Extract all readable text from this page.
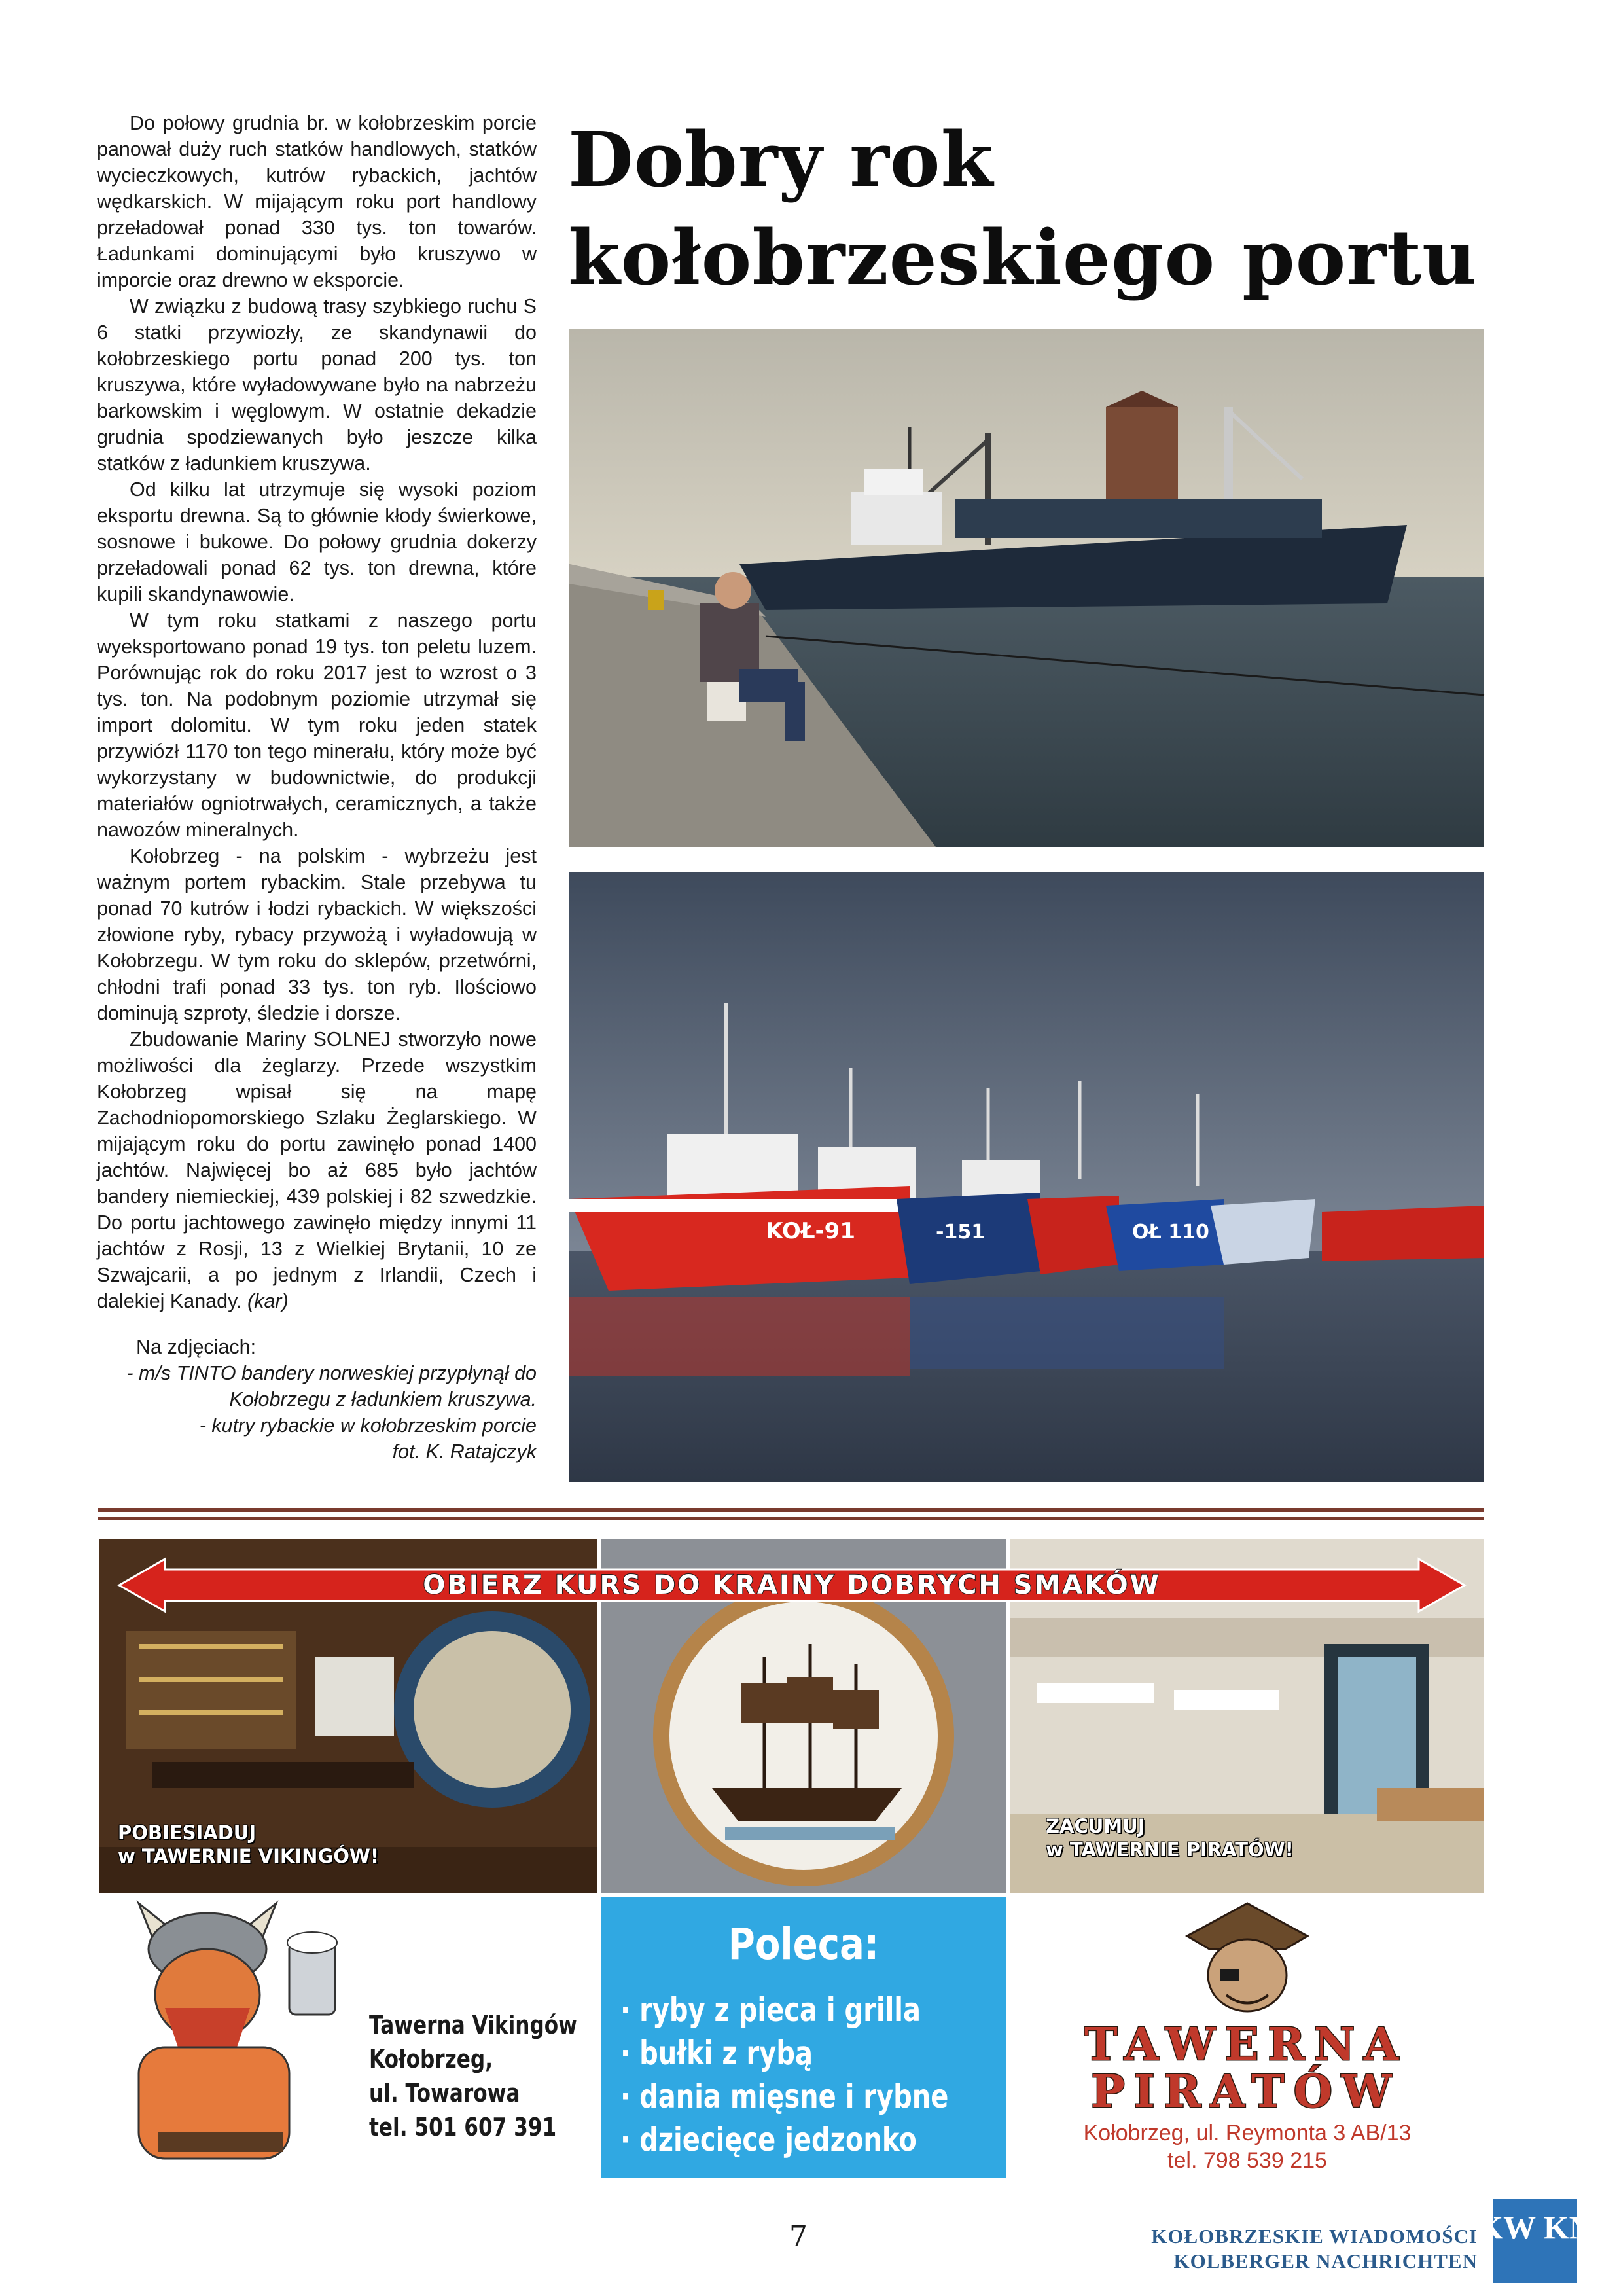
Dobry rok
kołobrzeskiego portu

Do połowy grudnia br. w kołobrzeskim porcie panował duży ruch statków handlowych, statków wycieczkowych, kutrów rybackich, jachtów wędkarskich. W mijającym roku port handlowy przeładował ponad 330 tys. ton towarów. Ładunkami dominującymi było kruszywo w imporcie oraz drewno w eksporcie.

W związku z budową trasy szybkiego ruchu S 6 statki przywiozły, ze skandynawii do kołobrzeskiego portu ponad 200 tys. ton kruszywa, które wyładowywane było na nabrzeżu barkowskim i węglowym. W ostatnie dekadzie grudnia spodziewanych było jeszcze kilka statków z ładunkiem kruszywa.

Od kilku lat utrzymuje się wysoki poziom eksportu drewna. Są to głównie kłody świerkowe, sosnowe i bukowe. Do połowy grudnia dokerzy przeładowali ponad 62 tys. ton drewna, które kupili skandynawowie.

W tym roku statkami z naszego portu wyeksportowano ponad 19 tys. ton peletu luzem. Porównując rok do roku 2017 jest to wzrost o 3 tys. ton. Na podobnym poziomie utrzymał się import dolomitu. W tym roku jeden statek przywiózł 1170 ton tego minerału, który może być wykorzystany w budownictwie, do produkcji materiałów ogniotrwałych, ceramicznych, a także nawozów mineralnych.

Kołobrzeg - na polskim - wybrzeżu jest ważnym portem rybackim. Stale przebywa tu ponad 70 kutrów i łodzi rybackich. W większości złowione ryby, rybacy przywożą i wyładowują w Kołobrzegu. W tym roku do sklepów, przetwórni, chłodni trafi ponad 33 tys. ton ryb. Ilościowo dominują szproty, śledzie i dorsze.

Zbudowanie Mariny SOLNEJ stworzyło nowe możliwości dla żeglarzy. Przede wszystkim Kołobrzeg wpisał się na mapę Zachodniopomorskiego Szlaku Żeglarskiego. W mijającym roku do portu zawinęło ponad 1400 jachtów. Najwięcej bo aż 685 było jachtów bandery niemieckiej, 439 polskiej i 82 szwedzkie. Do portu jachtowego zawinęło między innymi 11 jachtów z Rosji, 13 z Wielkiej Brytanii, 10 ze Szwajcarii, a po jednym z Irlandii, Czech i dalekiej Kanady. (kar)

Na zdjęciach:
- m/s TINTO bandery norweskiej przypłynął do Kołobrzegu z ładunkiem kruszywa.
- kutry rybackie w kołobrzeskim porcie
fot. K. Ratajczyk
KOŁ-91	-151	OŁ 110
POBIESIADUJ
w TAWERNIE VIKINGÓW!
ZACUMUJ
w TAWERNIE PIRATÓW!
OBIERZ KURS DO KRAINY DOBRYCH SMAKÓW
Tawerna Vikingów
Kołobrzeg,
ul. Towarowa
tel. 501 607 391
Poleca:
· ryby z pieca i grilla
· bułki z rybą
· dania mięsne i rybne
· dziecięce jedzonko
TAWERNA
PIRATÓW
Kołobrzeg, ul. Reymonta 3 AB/13
tel. 798 539 215
7	KOŁOBRZESKIE WIADOMOŚCI
KOLBERGER NACHRICHTEN
KW KN
